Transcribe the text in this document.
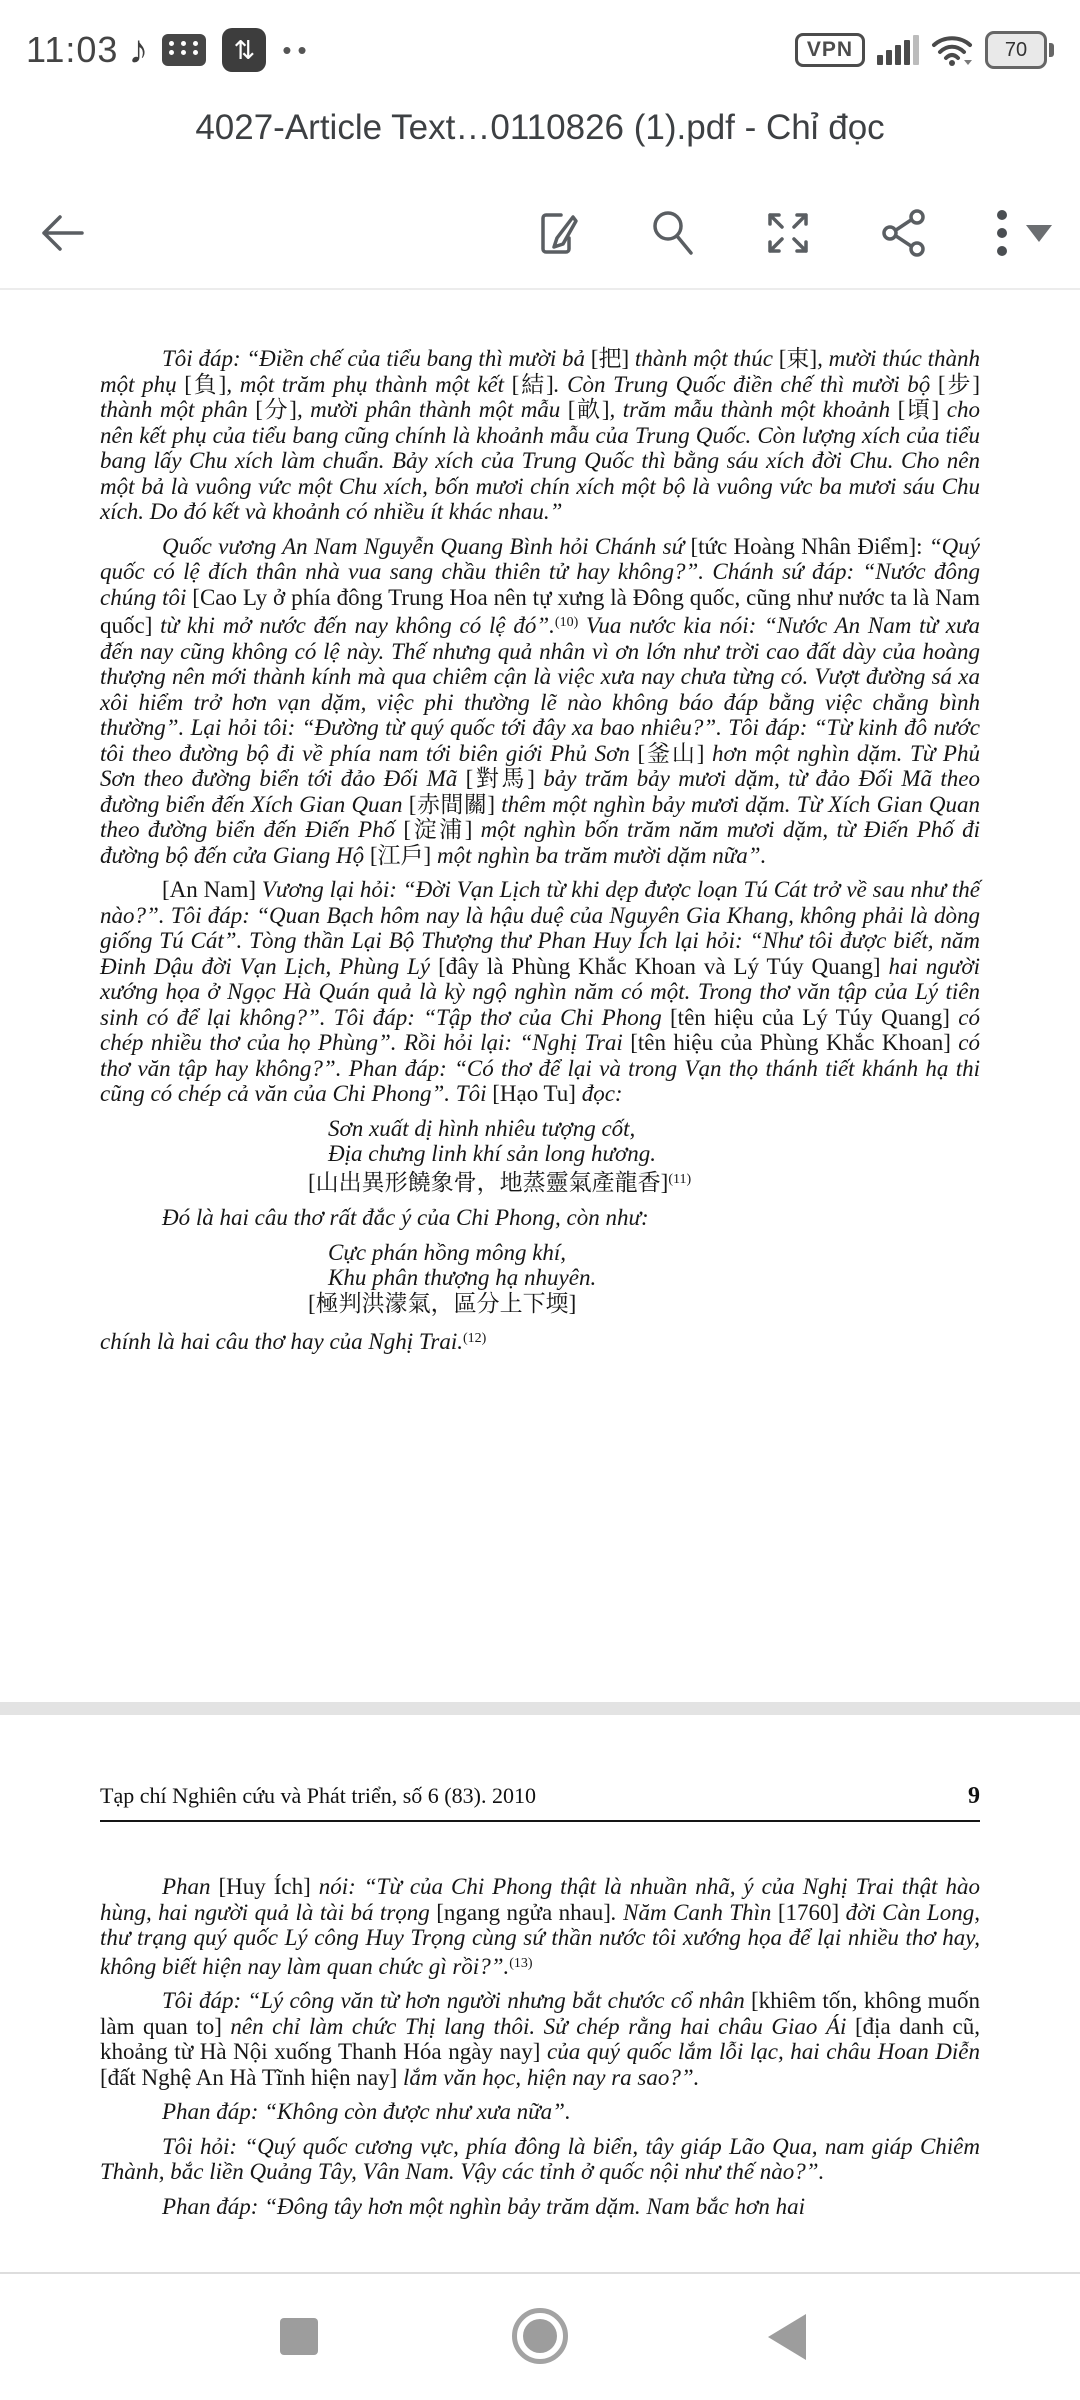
11:03 ♪	⇅	••	VPN	70
4027-Article Text…0110826 (1).pdf - Chỉ đọc

Tôi đáp: “Điền chế của tiểu bang thì mười bả [把] thành một thúc [束], mười thúc thành một phụ [負], một trăm phụ thành một kết [結]. Còn Trung Quốc điền chế thì mười bộ [步] thành một phân [分], mười phân thành một mẫu [畝], trăm mẫu thành một khoảnh [頃] cho nên kết phụ của tiểu bang cũng chính là khoảnh mẫu của Trung Quốc. Còn lượng xích của tiểu bang lấy Chu xích làm chuẩn. Bảy xích của Trung Quốc thì bằng sáu xích đời Chu. Cho nên một bả là vuông vức một Chu xích, bốn mươi chín xích một bộ là vuông vức ba mươi sáu Chu xích. Do đó kết và khoảnh có nhiều ít khác nhau.”

Quốc vương An Nam Nguyễn Quang Bình hỏi Chánh sứ [tức Hoàng Nhân Điểm]: “Quý quốc có lệ đích thân nhà vua sang chầu thiên tử hay không?”. Chánh sứ đáp: “Nước đông chúng tôi [Cao Ly ở phía đông Trung Hoa nên tự xưng là Đông quốc, cũng như nước ta là Nam quốc] từ khi mở nước đến nay không có lệ đó”.$^{(10)}$ Vua nước kia nói: “Nước An Nam từ xưa đến nay cũng không có lệ này. Thế nhưng quả nhân vì ơn lớn như trời cao đất dày của hoàng thượng nên mới thành kính mà qua chiêm cận là việc xưa nay chưa từng có. Vượt đường sá xa xôi hiểm trở hơn vạn dặm, việc phi thường lẽ nào không báo đáp bằng việc chẳng bình thường”. Lại hỏi tôi: “Đường từ quý quốc tới đây xa bao nhiêu?”. Tôi đáp: “Từ kinh đô nước tôi theo đường bộ đi về phía nam tới biên giới Phủ Sơn [釜山] hơn một nghìn dặm. Từ Phủ Sơn theo đường biển tới đảo Đối Mã [對馬] bảy trăm bảy mươi dặm, từ đảo Đối Mã theo đường biển đến Xích Gian Quan [赤間關] thêm một nghìn bảy mươi dặm. Từ Xích Gian Quan theo đường biển đến Điến Phố [淀浦] một nghìn bốn trăm năm mươi dặm, từ Điến Phố đi đường bộ đến cửa Giang Hộ [江戶] một nghìn ba trăm mười dặm nữa”.

[An Nam] Vương lại hỏi: “Đời Vạn Lịch từ khi dẹp được loạn Tú Cát trở về sau như thế nào?”. Tôi đáp: “Quan Bạch hôm nay là hậu duệ của Nguyên Gia Khang, không phải là dòng giống Tú Cát”. Tòng thần Lại Bộ Thượng thư Phan Huy Ích lại hỏi: “Như tôi được biết, năm Đinh Dậu đời Vạn Lịch, Phùng Lý [đây là Phùng Khắc Khoan và Lý Túy Quang] hai người xướng họa ở Ngọc Hà Quán quả là kỳ ngộ nghìn năm có một. Trong thơ văn tập của Lý tiên sinh có để lại không?”. Tôi đáp: “Tập thơ của Chi Phong [tên hiệu của Lý Túy Quang] có chép nhiều thơ của họ Phùng”. Rồi hỏi lại: “Nghị Trai [tên hiệu của Phùng Khắc Khoan] có thơ văn tập hay không?”. Phan đáp: “Có thơ để lại và trong Vạn thọ thánh tiết khánh hạ thi cũng có chép cả văn của Chi Phong”. Tôi [Hạo Tu] đọc:

Sơn xuất dị hình nhiêu tượng cốt,

Địa chưng linh khí sản long hương.

[山出異形饒象骨，地蒸靈氣產龍香]$^{(11)}$

Đó là hai câu thơ rất đắc ý của Chi Phong, còn như:

Cực phán hồng mông khí,

Khu phân thượng hạ nhuyên.

[極判洪濛氣，區分上下堧]

chính là hai câu thơ hay của Nghị Trai.$^{(12)}$

Tạp chí Nghiên cứu và Phát triển, số 6 (83). 2010	9

Phan [Huy Ích] nói: “Từ của Chi Phong thật là nhuần nhã, ý của Nghị Trai thật hào hùng, hai người quả là tài bá trọng [ngang ngửa nhau]. Năm Canh Thìn [1760] đời Càn Long, thư trạng quý quốc Lý công Huy Trọng cùng sứ thần nước tôi xướng họa để lại nhiều thơ hay, không biết hiện nay làm quan chức gì rồi?”.$^{(13)}$

Tôi đáp: “Lý công văn từ hơn người nhưng bắt chước cổ nhân [khiêm tốn, không muốn làm quan to] nên chỉ làm chức Thị lang thôi. Sử chép rằng hai châu Giao Ái [địa danh cũ, khoảng từ Hà Nội xuống Thanh Hóa ngày nay] của quý quốc lắm lỗi lạc, hai châu Hoan Diễn [đất Nghệ An Hà Tĩnh hiện nay] lắm văn học, hiện nay ra sao?”.

Phan đáp: “Không còn được như xưa nữa”.

Tôi hỏi: “Quý quốc cương vực, phía đông là biển, tây giáp Lão Qua, nam giáp Chiêm Thành, bắc liền Quảng Tây, Vân Nam. Vậy các tỉnh ở quốc nội như thế nào?”.

Phan đáp: “Đông tây hơn một nghìn bảy trăm dặm. Nam bắc hơn hai
